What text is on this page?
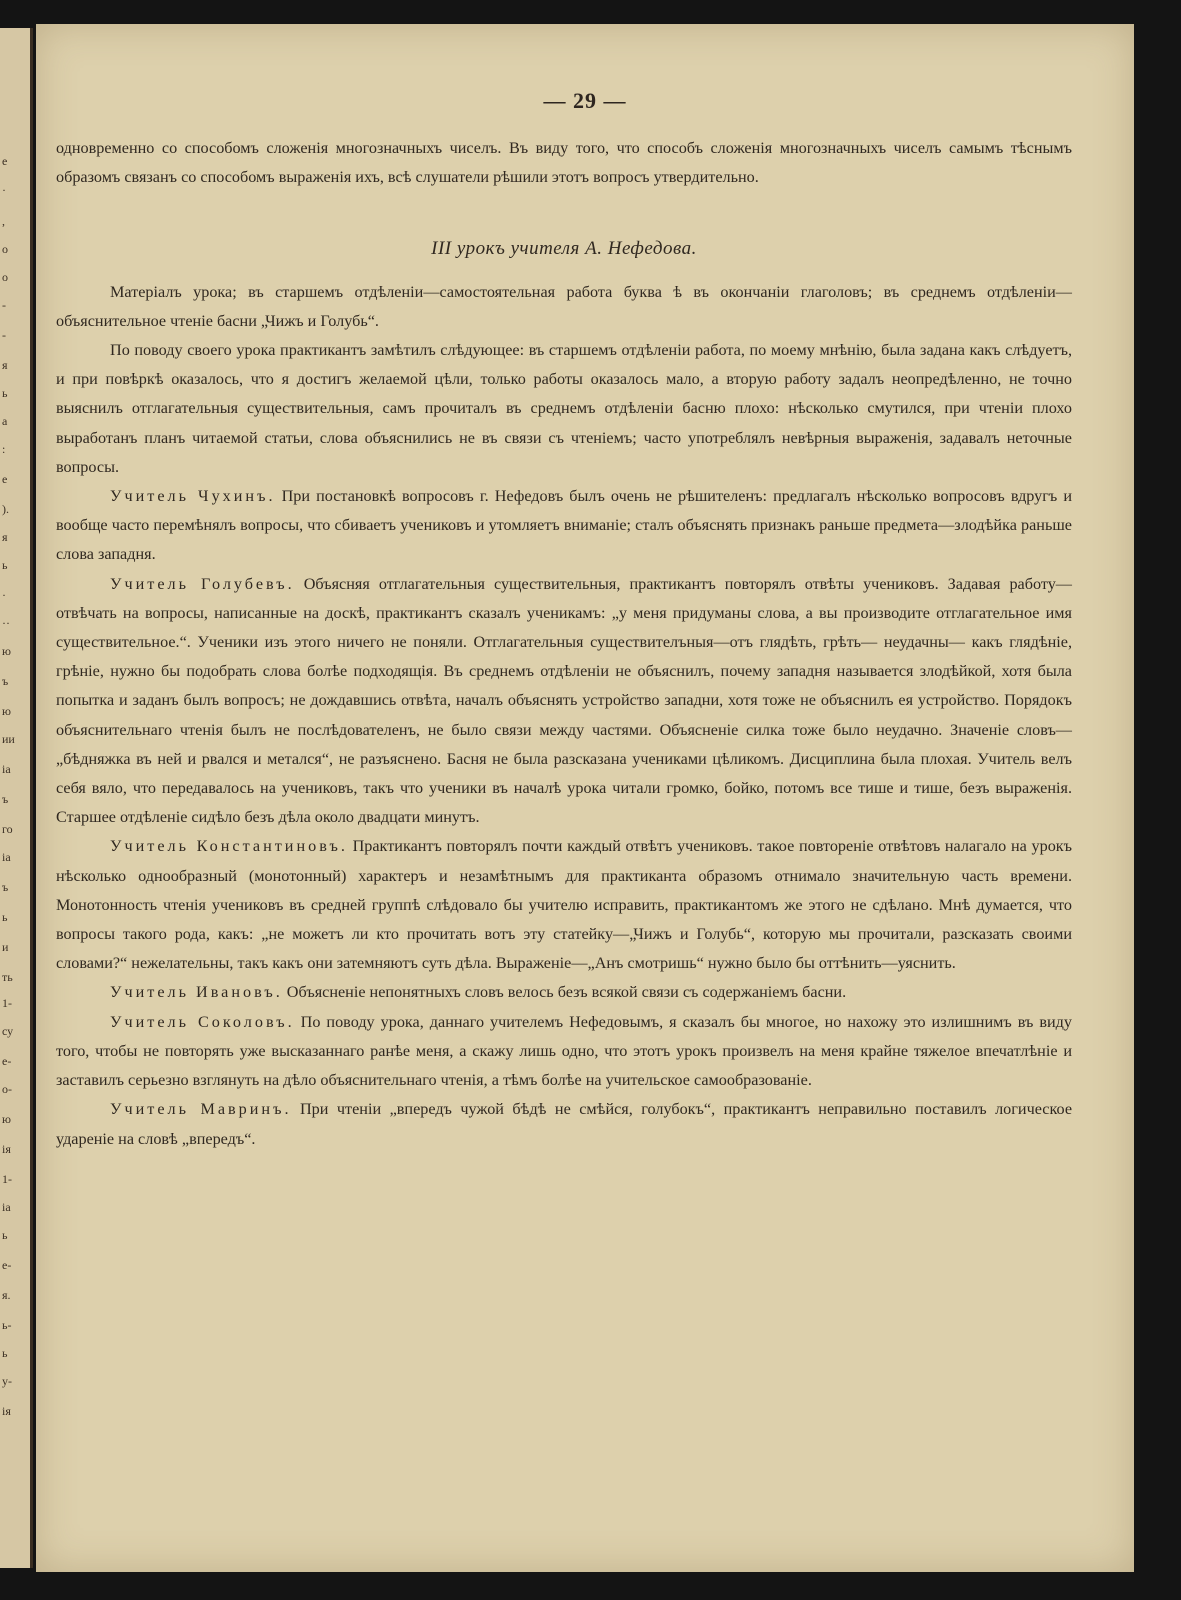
е
·
,
о
о
-
-
я
ь
а
:
е
).
я
ь
·
··
ю
ъ
ю
ии
іа
ъ
го
іа
ъ
ь
и
ть
1-
су
е-
о-
ю
ія
1-
іа
ь
е-
я.
ь-
ь
у-
ія
— 29 —

одновременно со способомъ сложенія многозначныхъ чиселъ. Въ виду того, что способъ сложенія многозначныхъ чиселъ самымъ тѣснымъ образомъ связанъ со способомъ выраженія ихъ, всѣ слушатели рѣшили этотъ вопросъ утвердительно.

III урокъ учителя А. Нефедова.

Матеріалъ урока; въ старшемъ отдѣленіи—самостоятельная работа буква ѣ въ окончаніи глаголовъ; въ среднемъ отдѣленіи— объяснительное чтеніе басни „Чижъ и Голубь“.

По поводу своего урока практикантъ замѣтилъ слѣдующее: въ старшемъ отдѣленіи работа, по моему мнѣнію, была задана какъ слѣдуетъ, и при повѣркѣ оказалось, что я достигъ желаемой цѣли, только работы оказалось мало, а вторую работу задалъ неопредѣленно, не точно выяснилъ отглагательныя существительныя, самъ прочиталъ въ среднемъ отдѣленіи басню плохо: нѣсколько смутился, при чтеніи плохо выработанъ планъ читаемой статьи, слова объяснились не въ связи съ чтеніемъ; часто употреблялъ невѣрныя выраженія, задавалъ неточные вопросы.

Учитель Чухинъ. При постановкѣ вопросовъ г. Нефедовъ былъ очень не рѣшителенъ: предлагалъ нѣсколько вопросовъ вдругъ и вообще часто перемѣнялъ вопросы, что сбиваетъ учениковъ и утомляетъ вниманіе; сталъ объяснять признакъ раньше предмета—злодѣйка раньше слова западня.

Учитель Голубевъ. Объясняя отглагательныя существительныя, практикантъ повторялъ отвѣты учениковъ. Задавая работу—отвѣчать на вопросы, написанные на доскѣ, практикантъ сказалъ ученикамъ: „у меня придуманы слова, а вы производите отглагательное имя существительное.“. Ученики изъ этого ничего не поняли. Отглагательныя существителъныя—отъ глядѣть, грѣть— неудачны— какъ глядѣніе, грѣніе, нужно бы подобрать слова болѣе подходящія. Въ среднемъ отдѣленіи не объяснилъ, почему западня называется злодѣйкой, хотя была попытка и заданъ былъ вопросъ; не дождавшись отвѣта, началъ объяснять устройство западни, хотя тоже не объяснилъ ея устройство. Порядокъ объяснительнаго чтенія былъ не послѣдователенъ, не было связи между частями. Объясненіе силка тоже было неудачно. Значеніе словъ—„бѣдняжка въ ней и рвался и метался“, не разъяснено. Басня не была разсказана учениками цѣликомъ. Дисциплина была плохая. Учитель велъ себя вяло, что передавалось на учениковъ, такъ что ученики въ началѣ урока читали громко, бойко, потомъ все тише и тише, безъ выраженія. Старшее отдѣленіе сидѣло безъ дѣла около двадцати минутъ.

Учитель Константиновъ. Практикантъ повторялъ почти каждый отвѣтъ учениковъ. такое повтореніе отвѣтовъ налагало на урокъ нѣсколько однообразный (монотонный) характеръ и незамѣтнымъ для практиканта образомъ отнимало значительную часть времени. Монотонность чтенія учениковъ въ средней группѣ слѣдовало бы учителю исправить, практикантомъ же этого не сдѣлано. Мнѣ думается, что вопросы такого рода, какъ: „не можетъ ли кто прочитать вотъ эту статейку—„Чижъ и Голубь“, которую мы прочитали, разсказать своими словами?“ нежелательны, такъ какъ они затемняютъ суть дѣла. Выраженіе—„Анъ смотришь“ нужно было бы оттѣнить—уяснить.

Учитель Ивановъ. Объясненіе непонятныхъ словъ велось безъ всякой связи съ содержаніемъ басни.

Учитель Соколовъ. По поводу урока, даннаго учителемъ Нефедовымъ, я сказалъ бы многое, но нахожу это излишнимъ въ виду того, чтобы не повторять уже высказаннаго ранѣе меня, а скажу лишь одно, что этотъ урокъ произвелъ на меня крайне тяжелое впечатлѣніе и заставилъ серьезно взглянуть на дѣло объяснительнаго чтенія, а тѣмъ болѣе на учительское самообразованіе.

Учитель Мавринъ. При чтеніи „впередъ чужой бѣдѣ не смѣйся, голубокъ“, практикантъ неправильно поставилъ логическое удареніе на словѣ „впередъ“.
